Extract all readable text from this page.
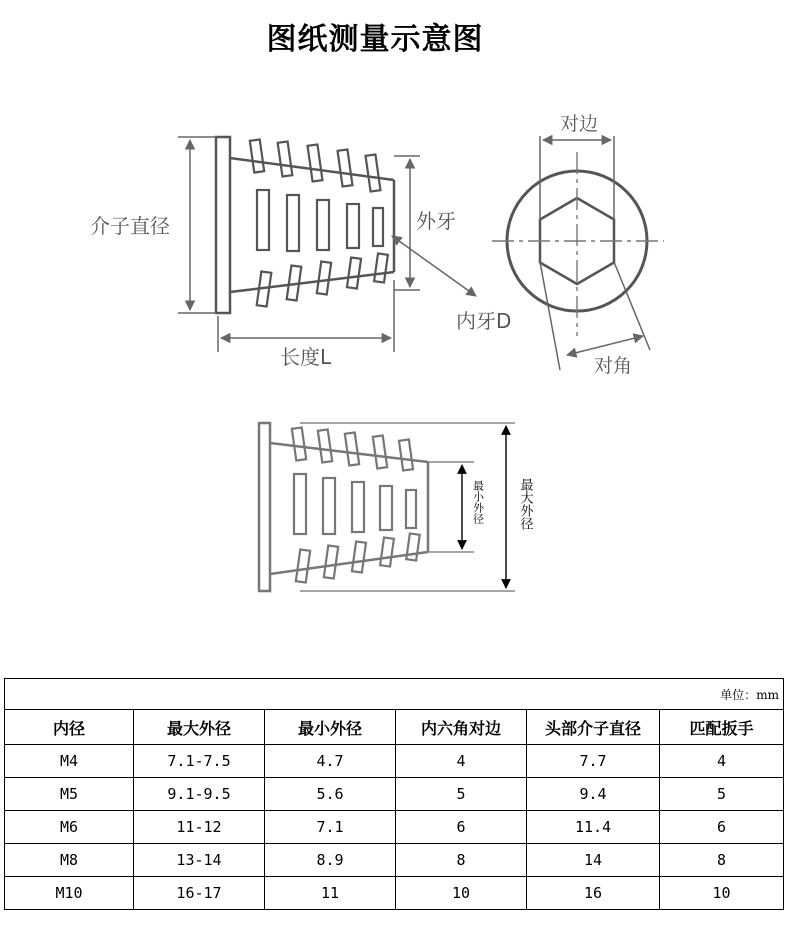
图纸测量示意图
介子直径	外牙
内牙D
长度L
对边
对角
最小外径	最大外径
单位：mm					
内径	最大外径	最小外径	内六角对边	头部介子直径	匹配扳手
M4	7.1-7.5	4.7	4	7.7	4
M5	9.1-9.5	5.6	5	9.4	5
M6	11-12	7.1	6	11.4	6
M8	13-14	8.9	8	14	8
M10	16-17	11	10	16	10
